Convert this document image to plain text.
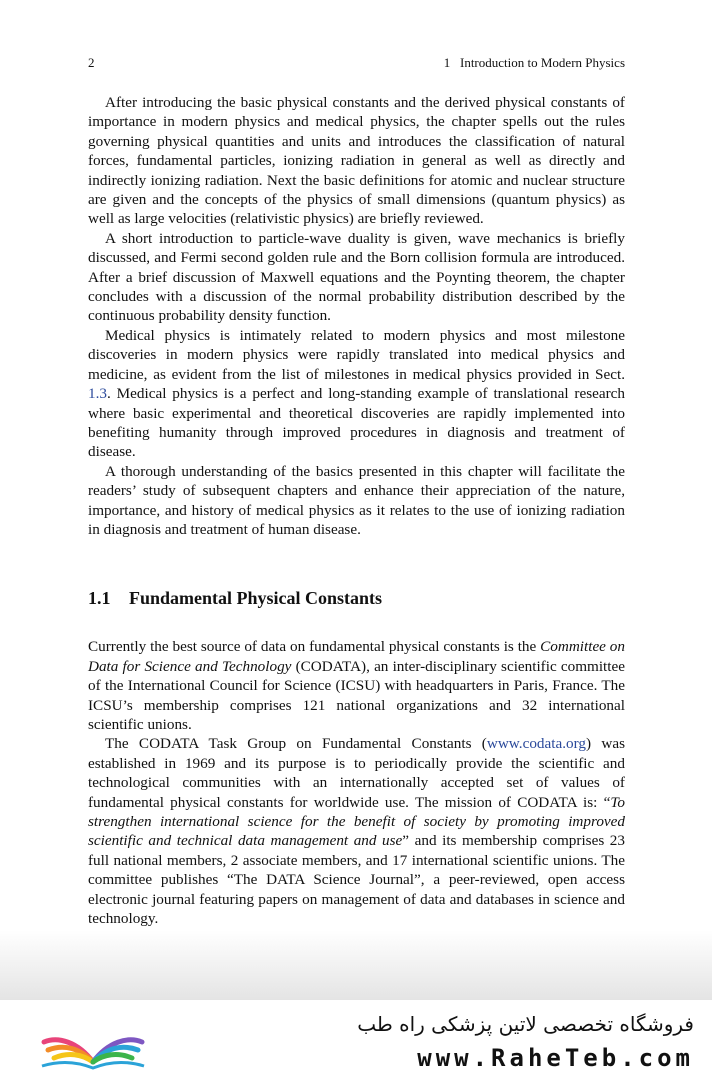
2	1   Introduction to Modern Physics

After introducing the basic physical constants and the derived physical constants of importance in modern physics and medical physics, the chapter spells out the rules governing physical quantities and units and introduces the classification of natural forces, fundamental particles, ionizing radiation in general as well as directly and indirectly ionizing radiation. Next the basic definitions for atomic and nuclear structure are given and the concepts of the physics of small dimensions (quantum physics) as well as large velocities (relativistic physics) are briefly reviewed.

A short introduction to particle-wave duality is given, wave mechanics is briefly discussed, and Fermi second golden rule and the Born collision formula are introduced. After a brief discussion of Maxwell equations and the Poynting theorem, the chapter concludes with a discussion of the normal probability distribution described by the continuous probability density function.

Medical physics is intimately related to modern physics and most milestone discoveries in modern physics were rapidly translated into medical physics and medicine, as evident from the list of milestones in medical physics provided in Sect. 1.3. Medical physics is a perfect and long-standing example of translational research where basic experimental and theoretical discoveries are rapidly implemented into benefiting humanity through improved procedures in diagnosis and treatment of disease.

A thorough understanding of the basics presented in this chapter will facilitate the readers’ study of subsequent chapters and enhance their appreciation of the nature, importance, and history of medical physics as it relates to the use of ionizing radiation in diagnosis and treatment of human disease.

1.1 Fundamental Physical Constants

Currently the best source of data on fundamental physical constants is the Committee on Data for Science and Technology (CODATA), an inter-disciplinary scientific committee of the International Council for Science (ICSU) with headquarters in Paris, France. The ICSU’s membership comprises 121 national organizations and 32 international scientific unions.

The CODATA Task Group on Fundamental Constants (www.codata.org) was established in 1969 and its purpose is to periodically provide the scientific and technological communities with an internationally accepted set of values of fundamental physical constants for worldwide use. The mission of CODATA is: “To strengthen international science for the benefit of society by promoting improved scientific and technical data management and use” and its membership comprises 23 full national members, 2 associate members, and 17 international scientific unions. The committee publishes “The DATA Science Journal”, a peer-reviewed, open access electronic journal featuring papers on management of data and databases in science and technology.

فروشگاه تخصصی لاتین پزشکی راه طب
www.RaheTeb.com
